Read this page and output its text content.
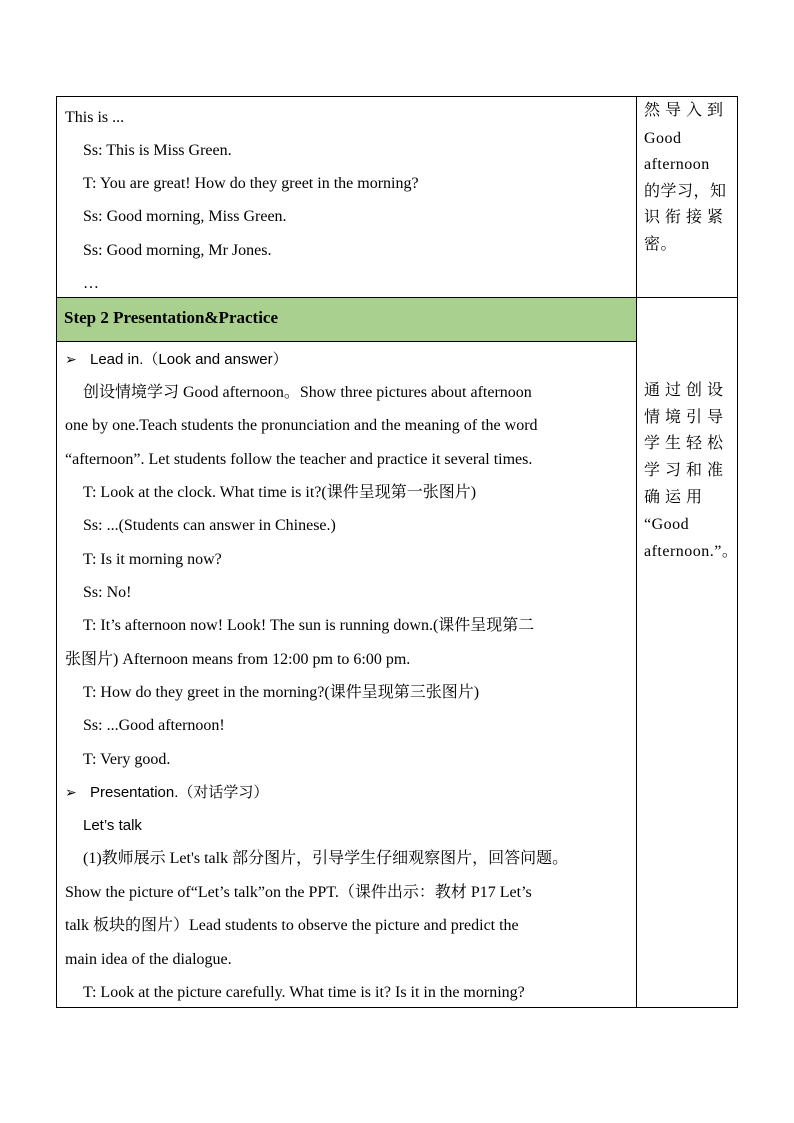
This is ...
Ss: This is Miss Green.
T: You are great! How do they greet in the morning?
Ss: Good morning, Miss Green.
Ss: Good morning, Mr Jones.
…
然 导 入 到
Good
afternoon
的学习，知
识 衔 接 紧
密。
Step 2 Presentation&Practice
➢ Lead in.（Look and answer）
创设情境学习 Good afternoon。Show three pictures about afternoon
one by one.Teach students the pronunciation and the meaning of the word
“afternoon”. Let students follow the teacher and practice it several times.
T: Look at the clock. What time is it?(课件呈现第一张图片)
Ss: ...(Students can answer in Chinese.)
T: Is it morning now?
Ss: No!
T: It’s afternoon now! Look! The sun is running down.(课件呈现第二
张图片) Afternoon means from 12:00 pm to 6:00 pm.
T: How do they greet in the morning?(课件呈现第三张图片)
Ss: ...Good afternoon!
T: Very good.
➢ Presentation.（对话学习）
Let’s talk
(1)教师展示 Let's talk 部分图片，引导学生仔细观察图片，回答问题。
Show the picture of“Let’s talk”on the PPT.（课件出示：教材 P17 Let’s
talk 板块的图片）Lead students to observe the picture and predict the
main idea of the dialogue.
T: Look at the picture carefully. What time is it? Is it in the morning?
通 过 创 设
情 境 引 导
学 生 轻 松
学 习 和 准
确 运 用
“Good
afternoon.”。
